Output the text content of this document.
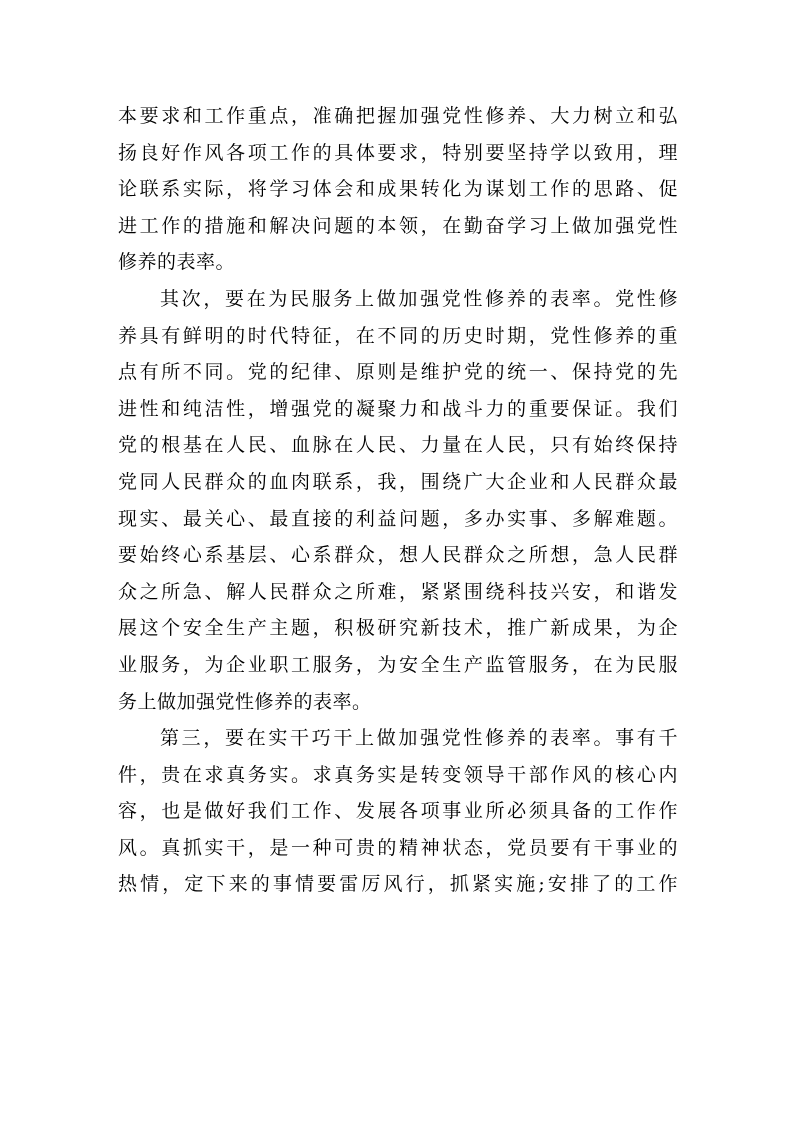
本要求和工作重点，准确把握加强党性修养、大力树立和弘
扬良好作风各项工作的具体要求，特别要坚持学以致用，理
论联系实际，将学习体会和成果转化为谋划工作的思路、促
进工作的措施和解决问题的本领，在勤奋学习上做加强党性
修养的表率。
其次，要在为民服务上做加强党性修养的表率。党性修
养具有鲜明的时代特征，在不同的历史时期，党性修养的重
点有所不同。党的纪律、原则是维护党的统一、保持党的先
进性和纯洁性，增强党的凝聚力和战斗力的重要保证。我们
党的根基在人民、血脉在人民、力量在人民，只有始终保持
党同人民群众的血肉联系，我，围绕广大企业和人民群众最
现实、最关心、最直接的利益问题，多办实事、多解难题。
要始终心系基层、心系群众，想人民群众之所想，急人民群
众之所急、解人民群众之所难，紧紧围绕科技兴安，和谐发
展这个安全生产主题，积极研究新技术，推广新成果，为企
业服务，为企业职工服务，为安全生产监管服务，在为民服
务上做加强党性修养的表率。
第三，要在实干巧干上做加强党性修养的表率。事有千
件，贵在求真务实。求真务实是转变领导干部作风的核心内
容，也是做好我们工作、发展各项事业所必须具备的工作作
风。真抓实干，是一种可贵的精神状态，党员要有干事业的
热情，定下来的事情要雷厉风行，抓紧实施;安排了的工作
